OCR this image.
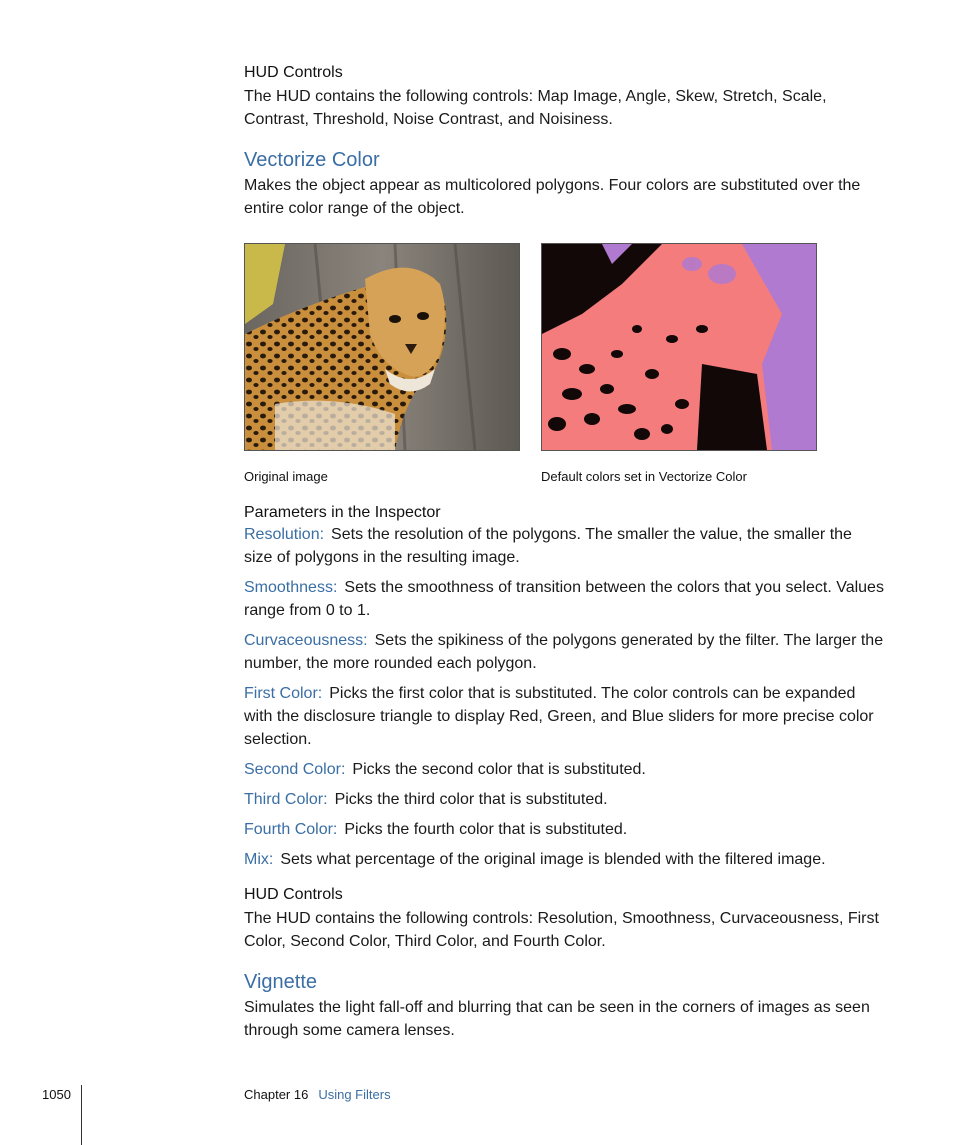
HUD Controls

The HUD contains the following controls: Map Image, Angle, Skew, Stretch, Scale, Contrast, Threshold, Noise Contrast, and Noisiness.

Vectorize Color

Makes the object appear as multicolored polygons. Four colors are substituted over the entire color range of the object.

Original image	Default colors set in Vectorize Color
Parameters in the Inspector

Resolution: Sets the resolution of the polygons. The smaller the value, the smaller the size of polygons in the resulting image.

Smoothness: Sets the smoothness of transition between the colors that you select. Values range from 0 to 1.

Curvaceousness: Sets the spikiness of the polygons generated by the filter. The larger the number, the more rounded each polygon.

First Color: Picks the first color that is substituted. The color controls can be expanded with the disclosure triangle to display Red, Green, and Blue sliders for more precise color selection.

Second Color: Picks the second color that is substituted.

Third Color: Picks the third color that is substituted.

Fourth Color: Picks the fourth color that is substituted.

Mix: Sets what percentage of the original image is blended with the filtered image.

HUD Controls

The HUD contains the following controls: Resolution, Smoothness, Curvaceousness, First Color, Second Color, Third Color, and Fourth Color.

Vignette

Simulates the light fall-off and blurring that can be seen in the corners of images as seen through some camera lenses.

1050	Chapter 16 Using Filters
